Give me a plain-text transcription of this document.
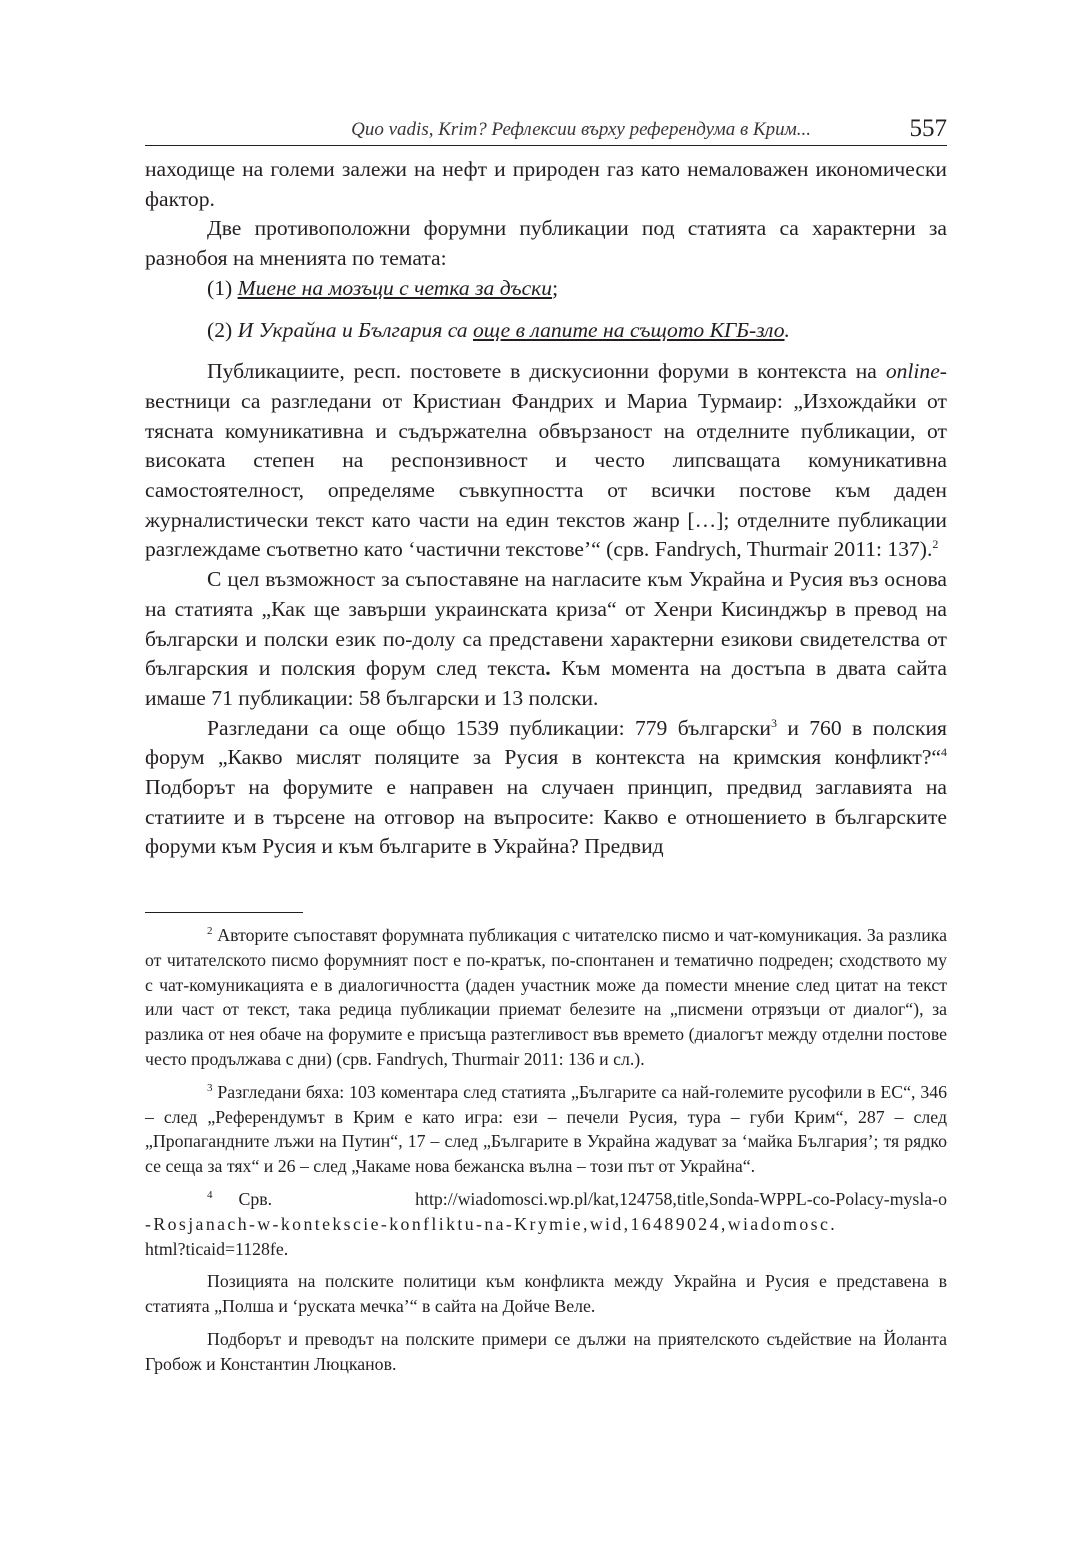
Quo vadis, Krim? Рефлексии върху референдума в Крим...	557

находище на големи залежи на нефт и природен газ като немаловажен икономически фактор.

Две противоположни форумни публикации под статията са характерни за разнобоя на мненията по темата:

(1) Миене на мозъци с четка за дъски;

(2) И Украйна и България са още в лапите на същото КГБ-зло.

Публикациите, респ. постовете в дискусионни форуми в контекста на online-вестници са разгледани от Кристиан Фандрих и Мариа Турмаир: „Изхождайки от тясната комуникативна и съдържателна обвързаност на отделните публикации, от високата степен на респонзивност и често липсващата комуникативна самостоятелност, определяме съвкупността от всички постове към даден журналистически текст като части на един текстов жанр […]; отделните публикации разглеждаме съответно като ‘частични текстове’“ (срв. Fandrych, Thurmair 2011: 137).$^2$

С цел възможност за съпоставяне на нагласите към Украйна и Русия въз основа на статията „Как ще завърши украинската криза“ от Хенри Кисинджър в превод на български и полски език по-долу са представени характерни езикови свидетелства от българския и полския форум след текста. Към момента на достъпа в двата сайта имаше 71 публикации: 58 български и 13 полски.

Разгледани са още общо 1539 публикации: 779 български$^3$ и 760 в полския форум „Какво мислят поляците за Русия в контекста на кримския конфликт?“$^4$ Подборът на форумите е направен на случаен принцип, предвид заглавията на статиите и в търсене на отговор на въпросите: Какво е отношението в българските форуми към Русия и към българите в Украйна? Предвид

$^2$ Авторите съпоставят форумната публикация с читателско писмо и чат-комуникация. За разлика от читателското писмо форумният пост е по-кратък, по-спонтанен и тематично подреден; сходството му с чат-комуникацията е в диалогичността (даден участник може да помести мнение след цитат на текст или част от текст, така редица публикации приемат белезите на „писмени отрязъци от диалог“), за разлика от нея обаче на форумите е присъща разтегливост във времето (диалогът между отделни постове често продължава с дни) (срв. Fandrych, Thurmair 2011: 136 и сл.).

$^3$ Разгледани бяха: 103 коментара след статията „Българите са най-големите русофили в ЕС“, 346 – след „Референдумът в Крим е като игра: ези – печели Русия, тура – губи Крим“, 287 – след „Пропагандните лъжи на Путин“, 17 – след „Българите в Украйна жадуват за ‘майка България’; тя рядко се сеща за тях“ и 26 – след „Чакаме нова бежанска вълна – този път от Украйна“.

$^4$ Срв.	http://wiadomosci.wp.pl/kat,124758,title,Sonda-WPPL-co-Polacy-mysla-o
-Rosjanach-w-kontekscie-konfliktu-na-Krymie,wid,16489024,wiadomosc.
html?ticaid=1128fe.

Позицията на полските политици към конфликта между Украйна и Русия е представена в статията „Полша и ‘руската мечка’“ в сайта на Дойче Веле.

Подборът и преводът на полските примери се дължи на приятелското съдействие на Йоланта Гробож и Константин Люцканов.
